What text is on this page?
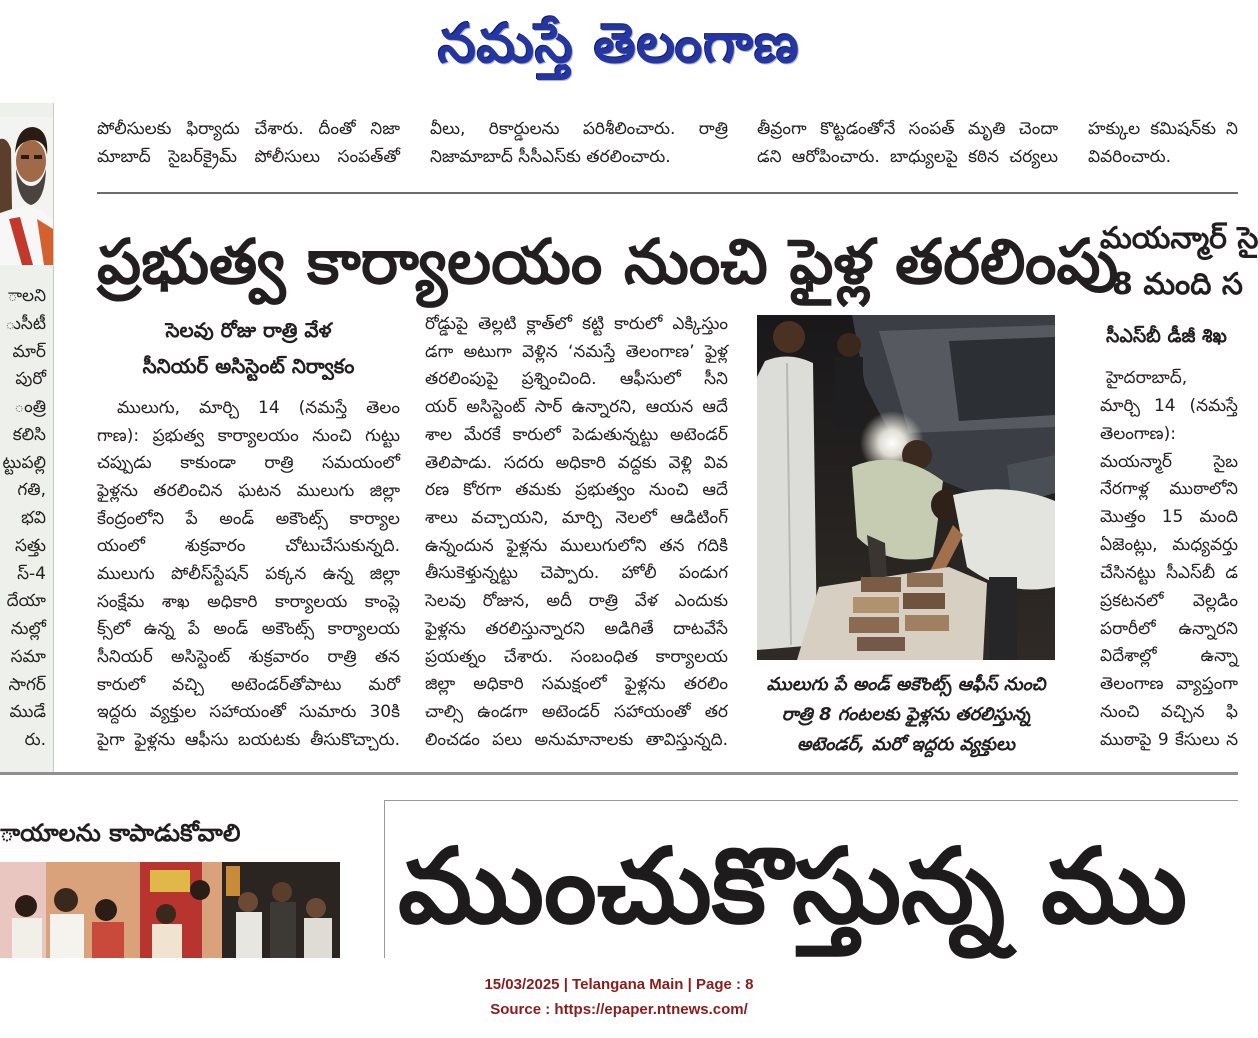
నమస్తే తెలంగాణ
పోలీసులకు ఫిర్యాదు చేశారు. దీంతో నిజా
మాబాద్ సైబర్‌క్రైమ్ పోలీసులు సంపత్‌తో
వీలు, రికార్డులను పరిశీలించారు. రాత్రి
నిజామాబాద్ సీసీఎస్‌కు తరలించారు.
తీవ్రంగా కొట్టడంతోనే సంపత్ మృతి చెందా
డని ఆరోపించారు. బాధ్యులపై కఠిన చర్యలు
హక్కుల కమిషన్‌కు ని
వివరించారు.
ాలని
ుసీటీ
మార్
పురో
ంత్రి
కలిసి
ట్టుపల్లి
గతి,
భవి
సత్తు
స్-4
దేయా
నుల్లో
సమా
సాగర్
ముడే
రు.
ప్రభుత్వ కార్యాలయం నుంచి ఫైళ్ల తరలింపు
సెలవు రోజు రాత్రి వేళ
సీనియర్ అసిస్టెంట్ నిర్వాకం
ములుగు, మార్చి 14 (నమస్తే తెలం
గాణ): ప్రభుత్వ కార్యాలయం నుంచి గుట్టు
చప్పుడు కాకుండా రాత్రి సమయంలో
ఫైళ్లను తరలించిన ఘటన ములుగు జిల్లా
కేంద్రంలోని పే అండ్ అకౌంట్స్ కార్యాల
యంలో శుక్రవారం చోటుచేసుకున్నది.
ములుగు పోలీస్‌స్టేషన్ పక్కన ఉన్న జిల్లా
సంక్షేమ శాఖ అధికారి కార్యాలయ కాంప్లె
క్స్‌లో ఉన్న పే అండ్ అకౌంట్స్ కార్యాలయ
సీనియర్ అసిస్టెంట్ శుక్రవారం రాత్రి తన
కారులో వచ్చి అటెండర్‌తోపాటు మరో
ఇద్దరు వ్యక్తుల సహాయంతో సుమారు 30కి
పైగా ఫైళ్లను ఆఫీసు బయటకు తీసుకొచ్చారు.
రోడ్డుపై తెల్లటి క్లాత్‌లో కట్టి కారులో ఎక్కిస్తుం
డగా అటుగా వెళ్లిన ‘నమస్తే తెలంగాణ’ ఫైళ్ల
తరలింపుపై ప్రశ్నించింది. ఆఫీసులో సీని
యర్ అసిస్టెంట్ సార్ ఉన్నారని, ఆయన ఆదే
శాల మేరకే కారులో పెడుతున్నట్టు అటెండర్
తెలిపాడు. సదరు అధికారి వద్దకు వెళ్లి వివ
రణ కోరగా తమకు ప్రభుత్వం నుంచి ఆదే
శాలు వచ్చాయని, మార్చి నెలలో ఆడిటింగ్
ఉన్నందున ఫైళ్లను ములుగులోని తన గదికి
తీసుకెళ్తున్నట్టు చెప్పారు. హోలీ పండుగ
సెలవు రోజున, అదీ రాత్రి వేళ ఎందుకు
ఫైళ్లను తరలిస్తున్నారని అడిగితే దాటవేసే
ప్రయత్నం చేశారు. సంబంధిత కార్యాలయ
జిల్లా అధికారి సమక్షంలో ఫైళ్లను తరలిం
చాల్సి ఉండగా అటెండర్ సహాయంతో తర
లించడం పలు అనుమానాలకు తావిస్తున్నది.
ములుగు పే అండ్ అకౌంట్స్ ఆఫీస్ నుంచి
రాత్రి 8 గంటలకు ఫైళ్లను తరలిస్తున్న
అటెండర్, మరో ఇద్దరు వ్యక్తులు
మయన్మార్ సై
8 మంది స
సీఎస్‌బీ డీజీ శిఖ
హైదరాబాద్,
మార్చి 14 (నమస్తే
తెలంగాణ):
మయన్మార్ సైబ
నేరగాళ్ల ముఠాలోని
మొత్తం 15 మంది
ఏజెంట్లు, మధ్యవర్తు
చేసినట్టు సీఎస్‌బీ డ
ప్రకటనలో వెల్లడిం
పరారీలో ఉన్నారని
విదేశాల్లో ఉన్నా
తెలంగాణ వ్యాప్తంగా
నుంచి వచ్చిన ఫి
ముఠాపై 9 కేసులు న
ాయాలను కాపాడుకోవాలి	ముంచుకొస్తున్న ము
15/03/2025 | Telangana Main | Page : 8
Source : https://epaper.ntnews.com/
